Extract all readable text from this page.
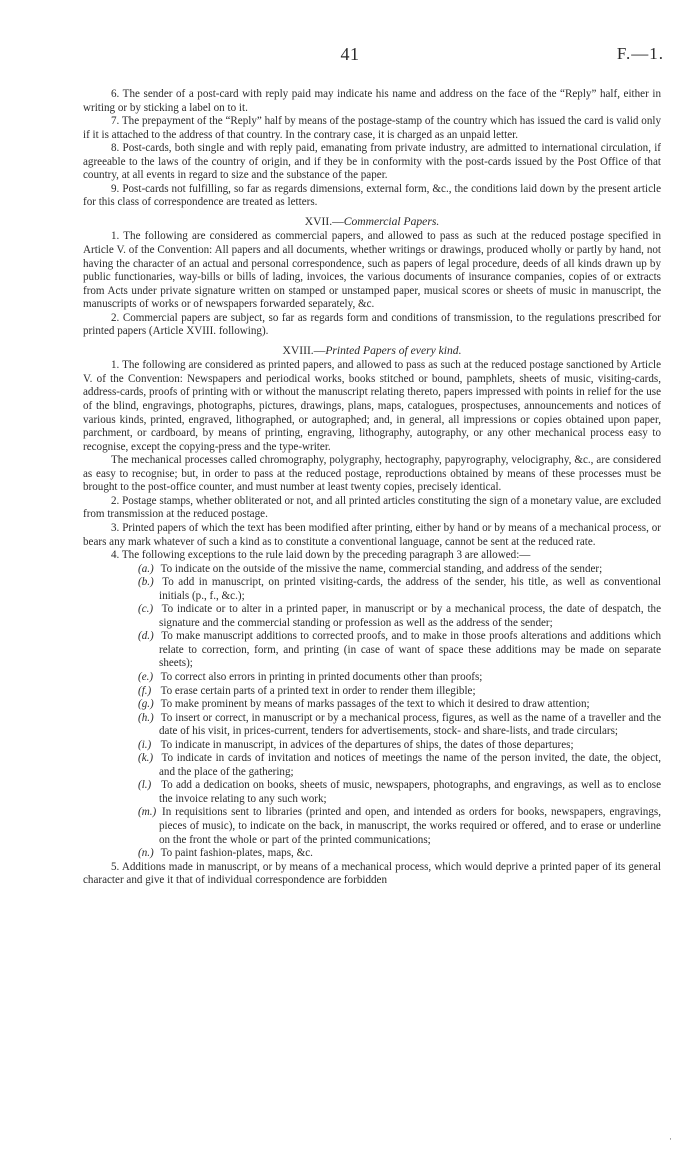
41	F.—1.

6. The sender of a post-card with reply paid may indicate his name and address on the face of the “Reply” half, either in writing or by sticking a label on to it.

7. The prepayment of the “Reply” half by means of the postage-stamp of the country which has issued the card is valid only if it is attached to the address of that country. In the contrary case, it is charged as an unpaid letter.

8. Post-cards, both single and with reply paid, emanating from private industry, are admitted to international circulation, if agreeable to the laws of the country of origin, and if they be in conformity with the post-cards issued by the Post Office of that country, at all events in regard to size and the substance of the paper.

9. Post-cards not fulfilling, so far as regards dimensions, external form, &c., the conditions laid down by the present article for this class of correspondence are treated as letters.

XVII.—Commercial Papers.

1. The following are considered as commercial papers, and allowed to pass as such at the reduced postage specified in Article V. of the Convention: All papers and all documents, whether writings or drawings, produced wholly or partly by hand, not having the character of an actual and personal correspondence, such as papers of legal procedure, deeds of all kinds drawn up by public functionaries, way-bills or bills of lading, invoices, the various documents of insurance companies, copies of or extracts from Acts under private signature written on stamped or unstamped paper, musical scores or sheets of music in manuscript, the manuscripts of works or of newspapers forwarded separately, &c.

2. Commercial papers are subject, so far as regards form and conditions of transmission, to the regulations prescribed for printed papers (Article XVIII. following).

XVIII.—Printed Papers of every kind.

1. The following are considered as printed papers, and allowed to pass as such at the reduced postage sanctioned by Article V. of the Convention: Newspapers and periodical works, books stitched or bound, pamphlets, sheets of music, visiting-cards, address-cards, proofs of printing with or without the manuscript relating thereto, papers impressed with points in relief for the use of the blind, engravings, photographs, pictures, drawings, plans, maps, catalogues, prospectuses, announcements and notices of various kinds, printed, engraved, lithographed, or autographed; and, in general, all impressions or copies obtained upon paper, parchment, or cardboard, by means of printing, engraving, lithography, autography, or any other mechanical process easy to recognise, except the copying-press and the type-writer.

The mechanical processes called chromography, polygraphy, hectography, papyrography, velocigraphy, &c., are considered as easy to recognise; but, in order to pass at the reduced postage, reproductions obtained by means of these processes must be brought to the post-office counter, and must number at least twenty copies, precisely identical.

2. Postage stamps, whether obliterated or not, and all printed articles constituting the sign of a monetary value, are excluded from transmission at the reduced postage.

3. Printed papers of which the text has been modified after printing, either by hand or by means of a mechanical process, or bears any mark whatever of such a kind as to constitute a conventional language, cannot be sent at the reduced rate.

4. The following exceptions to the rule laid down by the preceding paragraph 3 are allowed:—

(a.) To indicate on the outside of the missive the name, commercial standing, and address of the sender;
(b.) To add in manuscript, on printed visiting-cards, the address of the sender, his title, as well as conventional initials (p., f., &c.);
(c.) To indicate or to alter in a printed paper, in manuscript or by a mechanical process, the date of despatch, the signature and the commercial standing or profession as well as the address of the sender;
(d.) To make manuscript additions to corrected proofs, and to make in those proofs alterations and additions which relate to correction, form, and printing (in case of want of space these additions may be made on separate sheets);
(e.) To correct also errors in printing in printed documents other than proofs;
(f.) To erase certain parts of a printed text in order to render them illegible;
(g.) To make prominent by means of marks passages of the text to which it desired to draw attention;
(h.) To insert or correct, in manuscript or by a mechanical process, figures, as well as the name of a traveller and the date of his visit, in prices-current, tenders for advertisements, stock- and share-lists, and trade circulars;
(i.) To indicate in manuscript, in advices of the departures of ships, the dates of those departures;
(k.) To indicate in cards of invitation and notices of meetings the name of the person invited, the date, the object, and the place of the gathering;
(l.) To add a dedication on books, sheets of music, newspapers, photographs, and engravings, as well as to enclose the invoice relating to any such work;
(m.) In requisitions sent to libraries (printed and open, and intended as orders for books, newspapers, engravings, pieces of music), to indicate on the back, in manuscript, the works required or offered, and to erase or underline on the front the whole or part of the printed communications;
(n.) To paint fashion-plates, maps, &c.

5. Additions made in manuscript, or by means of a mechanical process, which would deprive a printed paper of its general character and give it that of individual correspondence are forbidden

·
